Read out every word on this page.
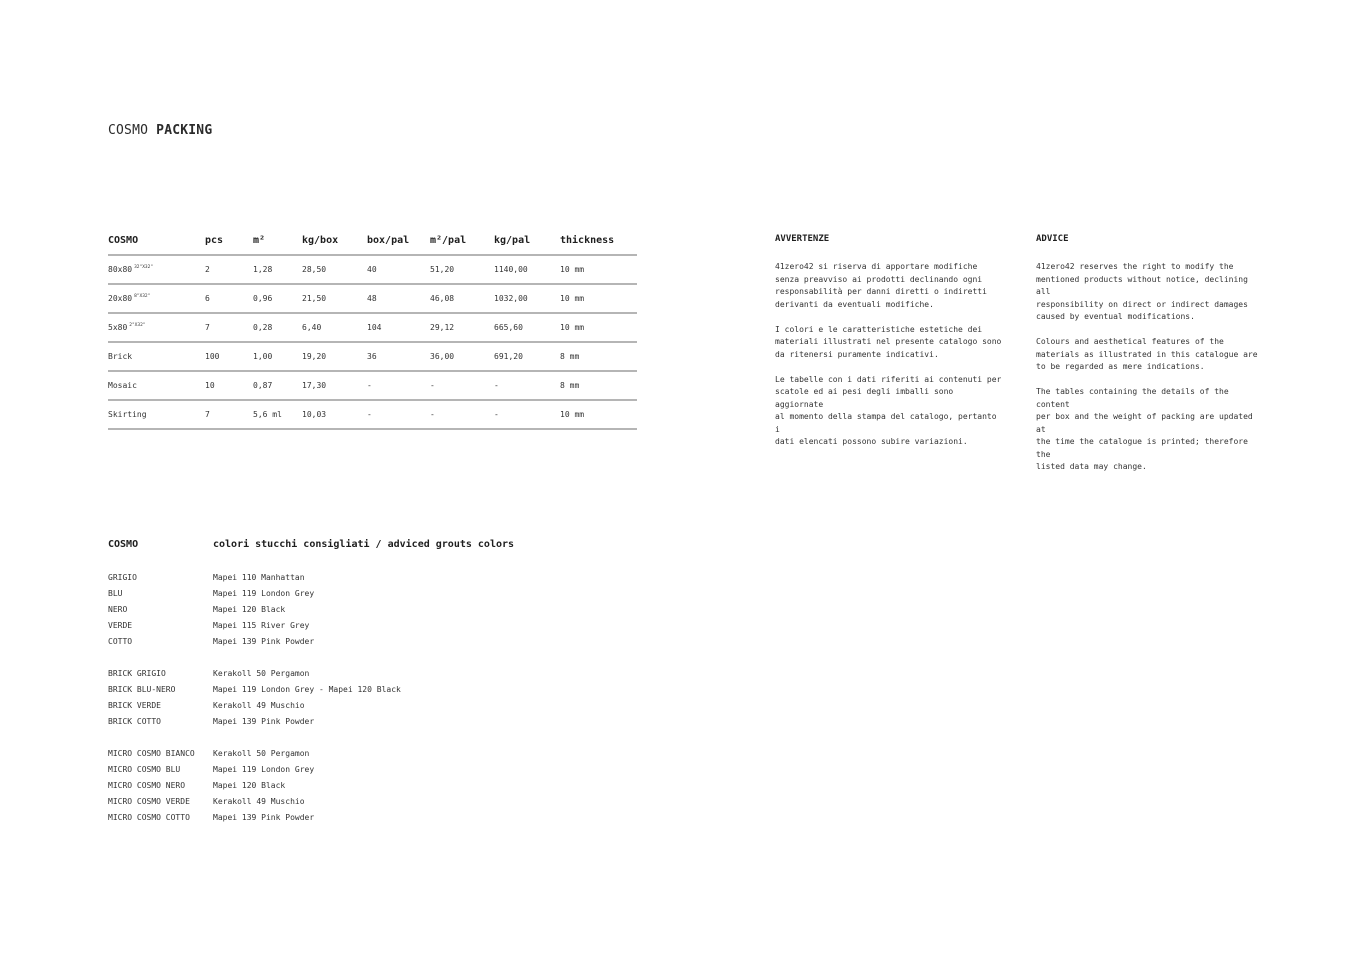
COSMO PACKING
COSMO	pcs	m²	kg/box	box/pal	m²/pal	kg/pal	thickness
80x80 $^{32"X32"}$	2	1,28	28,50	40	51,20	1140,00	10 mm
20x80 $^{8"X32"}$	6	0,96	21,50	48	46,08	1032,00	10 mm
5x80 $^{2"X32"}$	7	0,28	6,40	104	29,12	665,60	10 mm
Brick	100	1,00	19,20	36	36,00	691,20	8 mm
Mosaic	10	0,87	17,30	-	-	-	8 mm
Skirting	7	5,6 ml	10,03	-	-	-	10 mm
AVVERTENZE

41zero42 si riserva di apportare modifiche
senza preavviso ai prodotti declinando ogni
responsabilità per danni diretti o indiretti
derivanti da eventuali modifiche.

I colori e le caratteristiche estetiche dei
materiali illustrati nel presente catalogo sono
da ritenersi puramente indicativi.

Le tabelle con i dati riferiti ai contenuti per
scatole ed ai pesi degli imballi sono aggiornate
al momento della stampa del catalogo, pertanto i
dati elencati possono subire variazioni.

ADVICE

41zero42 reserves the right to modify the
mentioned products without notice, declining all
responsibility on direct or indirect damages
caused by eventual modifications.

Colours and aesthetical features of the
materials as illustrated in this catalogue are
to be regarded as mere indications.

The tables containing the details of the content
per box and the weight of packing are updated at
the time the catalogue is printed; therefore the
listed data may change.

COSMO	colori stucchi consigliati / adviced grouts colors
GRIGIO	Mapei 110 Manhattan
BLU	Mapei 119 London Grey
NERO	Mapei 120 Black
VERDE	Mapei 115 River Grey
COTTO	Mapei 139 Pink Powder
BRICK GRIGIO	Kerakoll 50 Pergamon
BRICK BLU-NERO	Mapei 119 London Grey - Mapei 120 Black
BRICK VERDE	Kerakoll 49 Muschio
BRICK COTTO	Mapei 139 Pink Powder
MICRO COSMO BIANCO	Kerakoll 50 Pergamon
MICRO COSMO BLU	Mapei 119 London Grey
MICRO COSMO NERO	Mapei 120 Black
MICRO COSMO VERDE	Kerakoll 49 Muschio
MICRO COSMO COTTO	Mapei 139 Pink Powder
